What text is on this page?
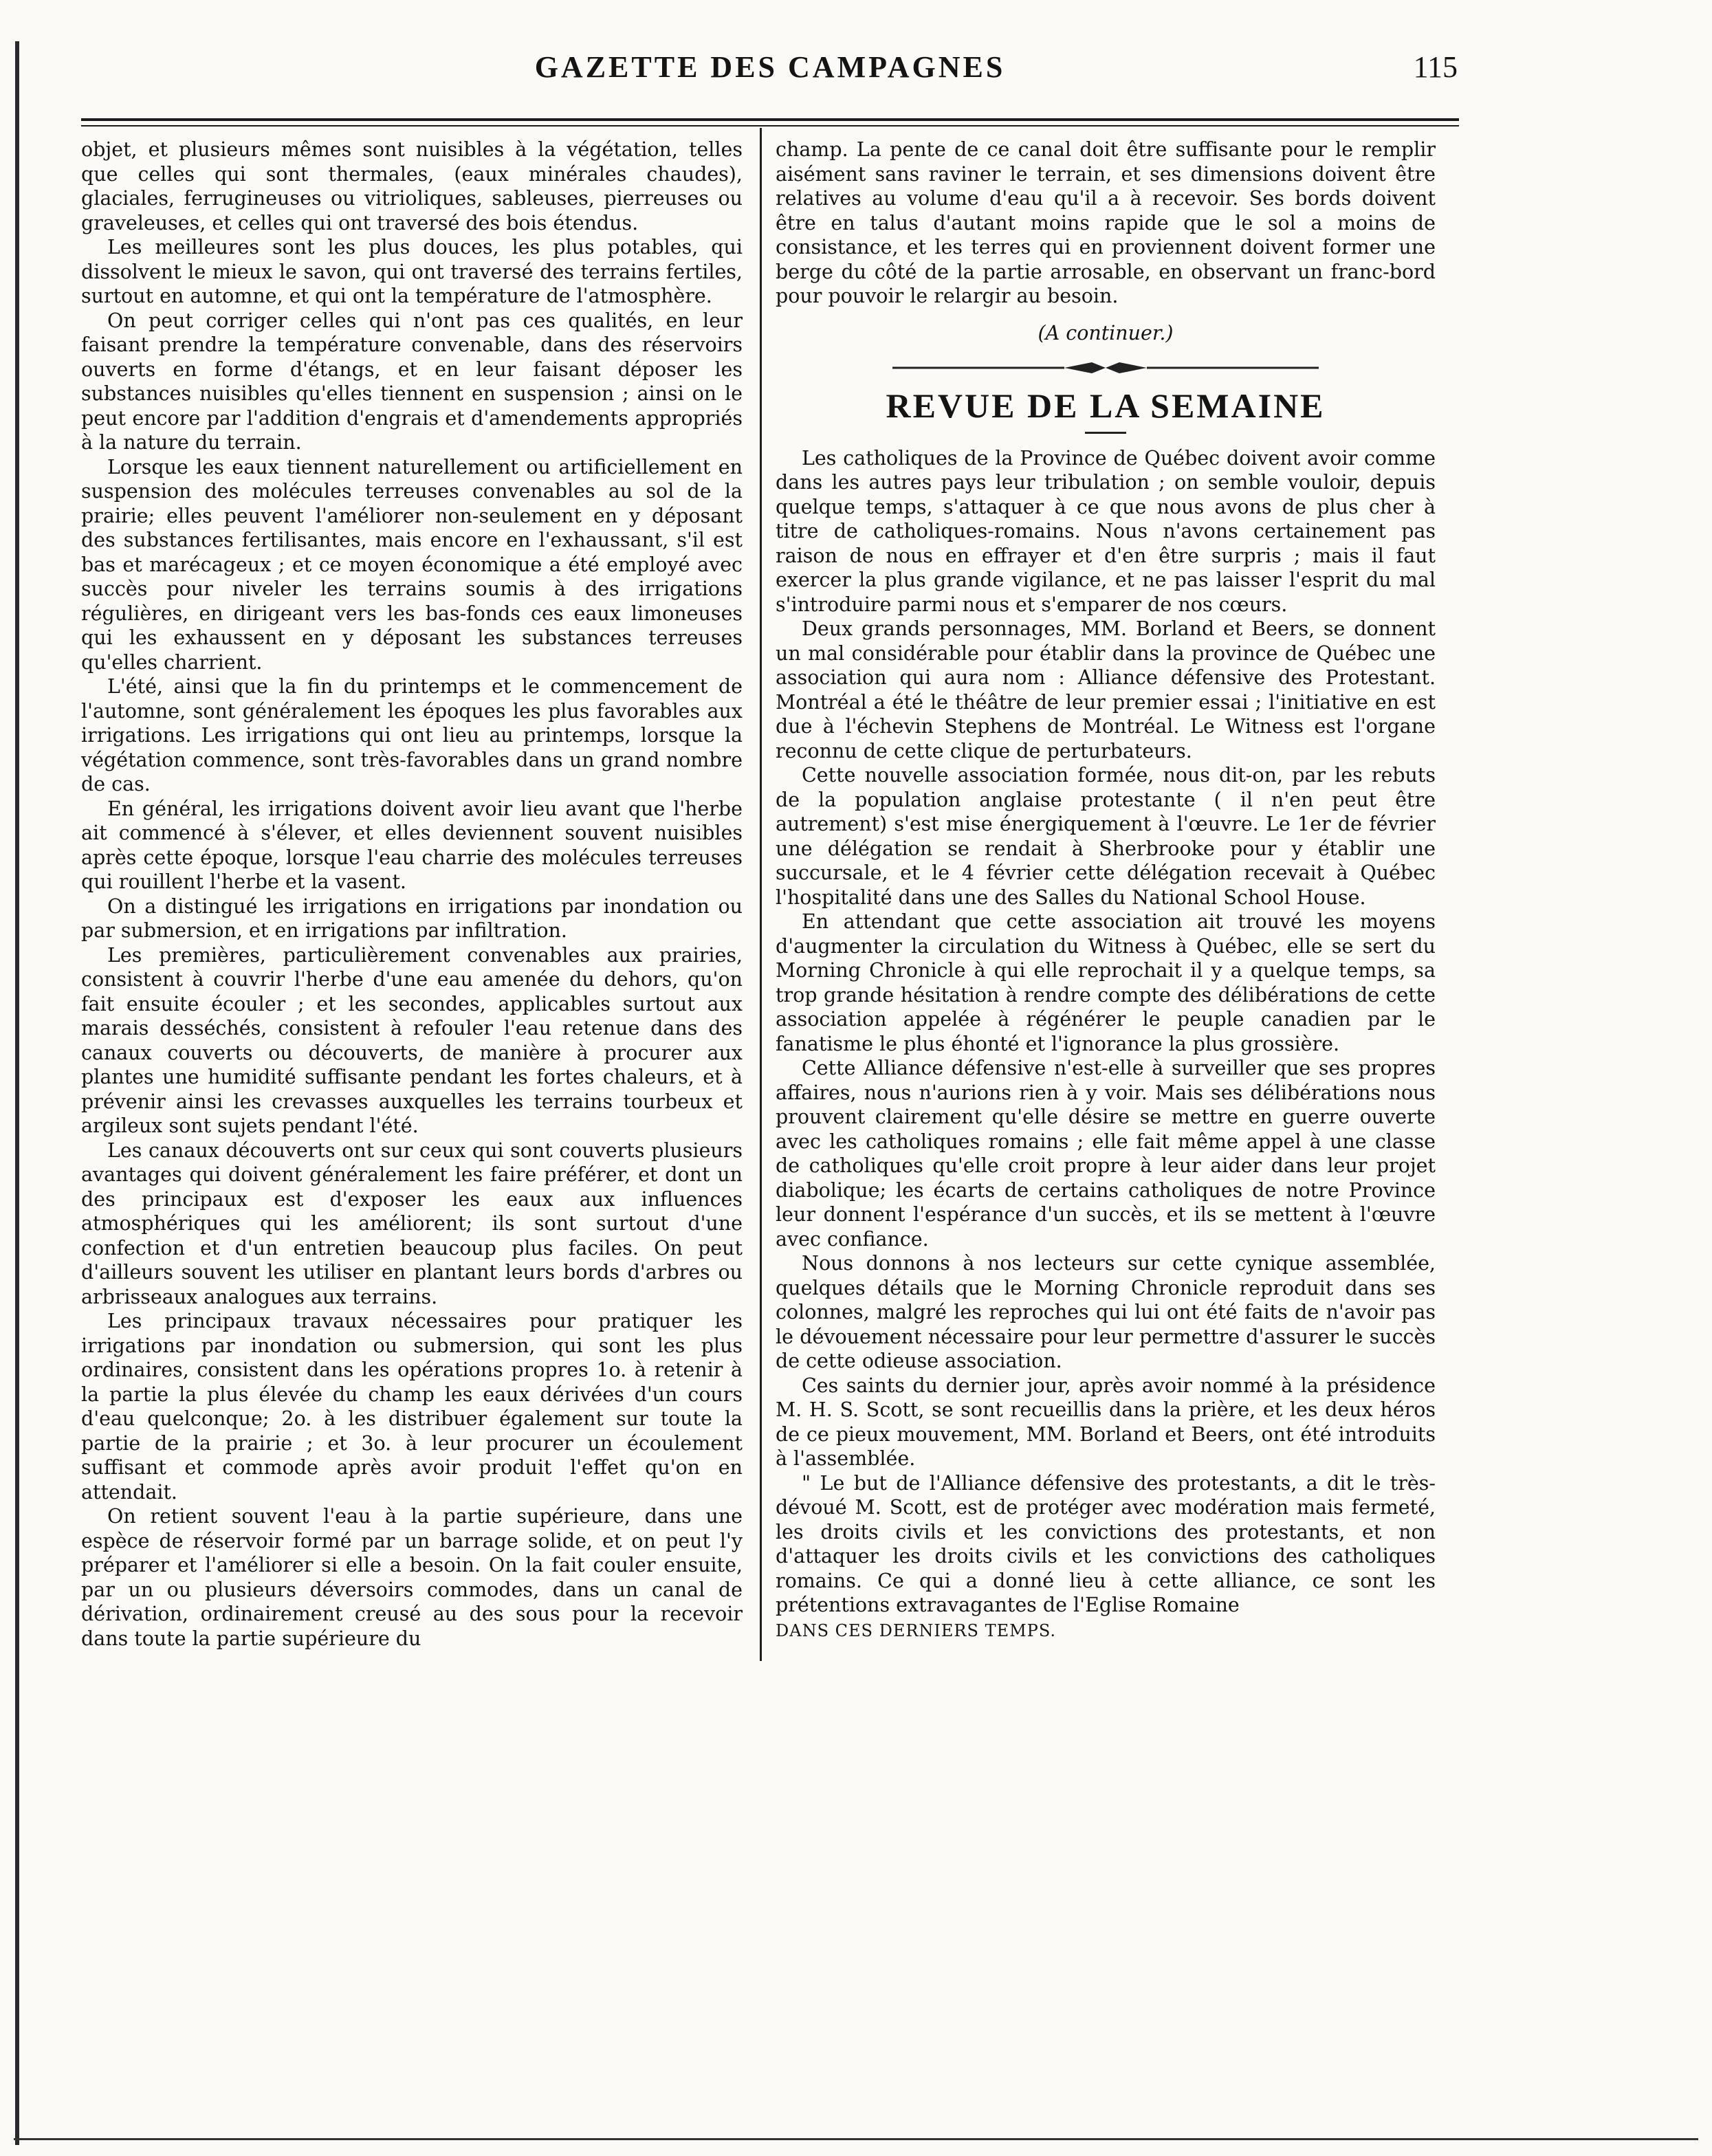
GAZETTE DES CAMPAGNES	115

objet, et plusieurs mêmes sont nuisibles à la végétation, telles que celles qui sont thermales, (eaux minérales chaudes), glaciales, ferrugineuses ou vitrioliques, sableuses, pierreuses ou graveleuses, et celles qui ont traversé des bois étendus.

Les meilleures sont les plus douces, les plus potables, qui dissolvent le mieux le savon, qui ont traversé des terrains fertiles, surtout en automne, et qui ont la température de l'atmosphère.

On peut corriger celles qui n'ont pas ces qualités, en leur faisant prendre la température convenable, dans des réservoirs ouverts en forme d'étangs, et en leur faisant déposer les substances nuisibles qu'elles tiennent en suspension ; ainsi on le peut encore par l'addition d'engrais et d'amendements appropriés à la nature du terrain.

Lorsque les eaux tiennent naturellement ou artificiellement en suspension des molécules terreuses convenables au sol de la prairie; elles peuvent l'améliorer non-seulement en y déposant des substances fertilisantes, mais encore en l'exhaussant, s'il est bas et marécageux ; et ce moyen économique a été employé avec succès pour niveler les terrains soumis à des irrigations régulières, en dirigeant vers les bas-fonds ces eaux limoneuses qui les exhaussent en y déposant les substances terreuses qu'elles charrient.

L'été, ainsi que la fin du printemps et le commencement de l'automne, sont généralement les époques les plus favorables aux irrigations. Les irrigations qui ont lieu au printemps, lorsque la végétation commence, sont très-favorables dans un grand nombre de cas.

En général, les irrigations doivent avoir lieu avant que l'herbe ait commencé à s'élever, et elles deviennent souvent nuisibles après cette époque, lorsque l'eau charrie des molécules terreuses qui rouillent l'herbe et la vasent.

On a distingué les irrigations en irrigations par inondation ou par submersion, et en irrigations par infiltration.

Les premières, particulièrement convenables aux prairies, consistent à couvrir l'herbe d'une eau amenée du dehors, qu'on fait ensuite écouler ; et les secondes, applicables surtout aux marais desséchés, consistent à refouler l'eau retenue dans des canaux couverts ou découverts, de manière à procurer aux plantes une humidité suffisante pendant les fortes chaleurs, et à prévenir ainsi les crevasses auxquelles les terrains tourbeux et argileux sont sujets pendant l'été.

Les canaux découverts ont sur ceux qui sont couverts plusieurs avantages qui doivent généralement les faire préférer, et dont un des principaux est d'exposer les eaux aux influences atmosphériques qui les améliorent; ils sont surtout d'une confection et d'un entretien beaucoup plus faciles. On peut d'ailleurs souvent les utiliser en plantant leurs bords d'arbres ou arbrisseaux analogues aux terrains.

Les principaux travaux nécessaires pour pratiquer les irrigations par inondation ou submersion, qui sont les plus ordinaires, consistent dans les opérations propres 1o. à retenir à la partie la plus élevée du champ les eaux dérivées d'un cours d'eau quelconque; 2o. à les distribuer également sur toute la partie de la prairie ; et 3o. à leur procurer un écoulement suffisant et commode après avoir produit l'effet qu'on en attendait.

On retient souvent l'eau à la partie supérieure, dans une espèce de réservoir formé par un barrage solide, et on peut l'y préparer et l'améliorer si elle a besoin. On la fait couler ensuite, par un ou plusieurs déversoirs commodes, dans un canal de dérivation, ordinairement creusé au des sous pour la recevoir dans toute la partie supérieure du

champ. La pente de ce canal doit être suffisante pour le remplir aisément sans raviner le terrain, et ses dimensions doivent être relatives au volume d'eau qu'il a à recevoir. Ses bords doivent être en talus d'autant moins rapide que le sol a moins de consistance, et les terres qui en proviennent doivent former une berge du côté de la partie arrosable, en observant un franc-bord pour pouvoir le relargir au besoin.

(A continuer.)
REVUE DE LA SEMAINE

Les catholiques de la Province de Québec doivent avoir comme dans les autres pays leur tribulation ; on semble vouloir, depuis quelque temps, s'attaquer à ce que nous avons de plus cher à titre de catholiques-romains. Nous n'avons certainement pas raison de nous en effrayer et d'en être surpris ; mais il faut exercer la plus grande vigilance, et ne pas laisser l'esprit du mal s'introduire parmi nous et s'emparer de nos cœurs.

Deux grands personnages, MM. Borland et Beers, se donnent un mal considérable pour établir dans la province de Québec une association qui aura nom : Alliance défensive des Protestant. Montréal a été le théâtre de leur premier essai ; l'initiative en est due à l'échevin Stephens de Montréal. Le Witness est l'organe reconnu de cette clique de perturbateurs.

Cette nouvelle association formée, nous dit-on, par les rebuts de la population anglaise protestante ( il n'en peut être autrement) s'est mise énergiquement à l'œuvre. Le 1er de février une délégation se rendait à Sherbrooke pour y établir une succursale, et le 4 février cette délégation recevait à Québec l'hospitalité dans une des Salles du National School House.

En attendant que cette association ait trouvé les moyens d'augmenter la circulation du Witness à Québec, elle se sert du Morning Chronicle à qui elle reprochait il y a quelque temps, sa trop grande hésitation à rendre compte des délibérations de cette association appelée à régénérer le peuple canadien par le fanatisme le plus éhonté et l'ignorance la plus grossière.

Cette Alliance défensive n'est-elle à surveiller que ses propres affaires, nous n'aurions rien à y voir. Mais ses délibérations nous prouvent clairement qu'elle désire se mettre en guerre ouverte avec les catholiques romains ; elle fait même appel à une classe de catholiques qu'elle croit propre à leur aider dans leur projet diabolique; les écarts de certains catholiques de notre Province leur donnent l'espérance d'un succès, et ils se mettent à l'œuvre avec confiance.

Nous donnons à nos lecteurs sur cette cynique assemblée, quelques détails que le Morning Chronicle reproduit dans ses colonnes, malgré les reproches qui lui ont été faits de n'avoir pas le dévouement nécessaire pour leur permettre d'assurer le succès de cette odieuse association.

Ces saints du dernier jour, après avoir nommé à la présidence M. H. S. Scott, se sont recueillis dans la prière, et les deux héros de ce pieux mouvement, MM. Borland et Beers, ont été introduits à l'assemblée.

" Le but de l'Alliance défensive des protestants, a dit le très-dévoué M. Scott, est de protéger avec modération mais fermeté, les droits civils et les convictions des protestants, et non d'attaquer les droits civils et les convictions des catholiques romains. Ce qui a donné lieu à cette alliance, ce sont les prétentions extravagantes de l'Eglise Romaine

DANS CES DERNIERS TEMPS.
